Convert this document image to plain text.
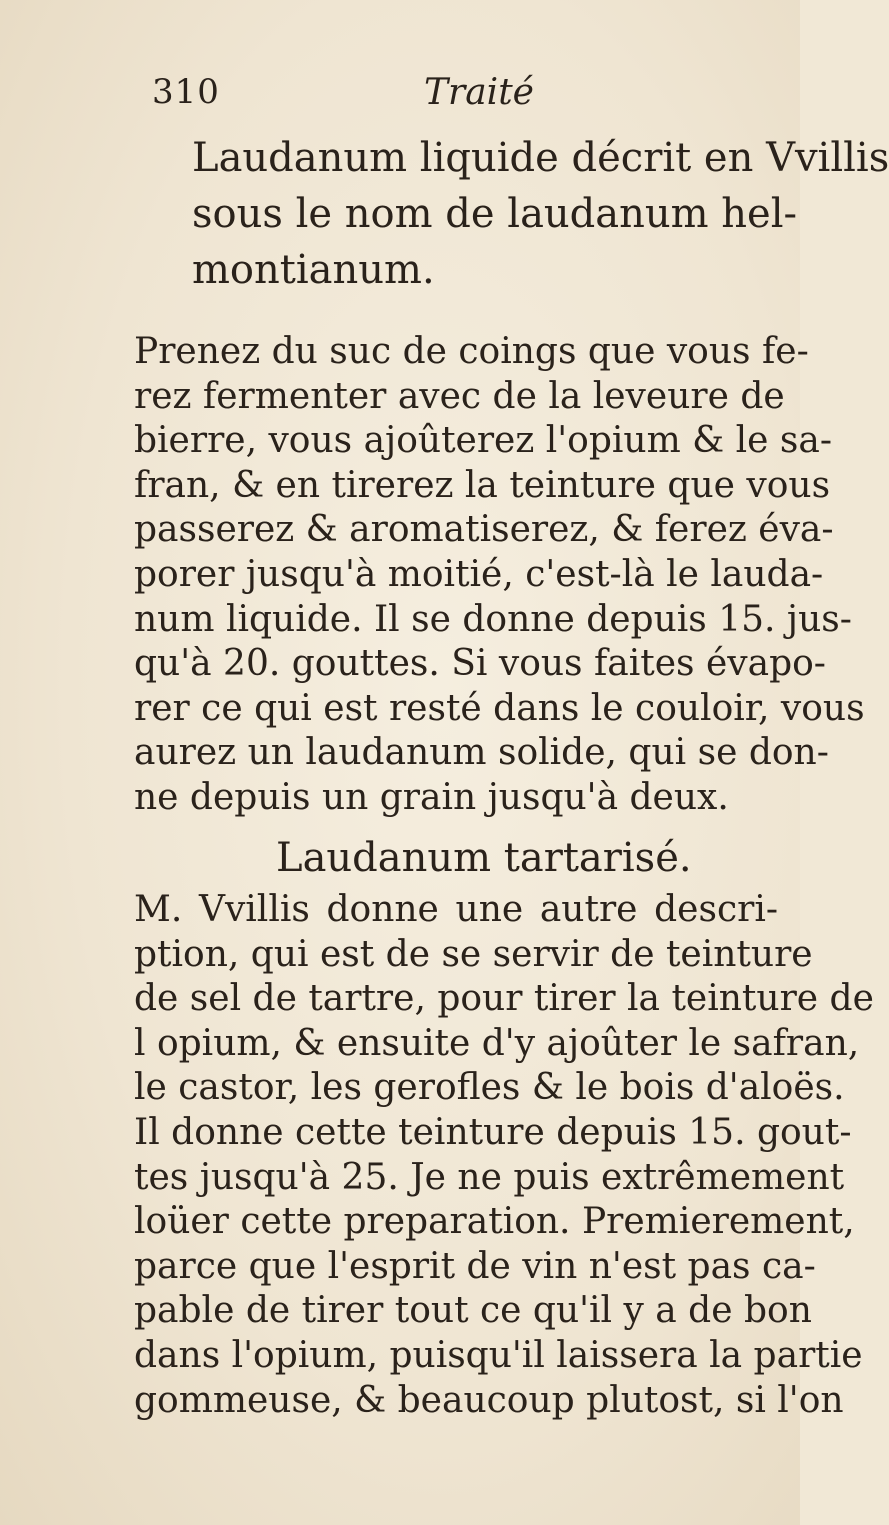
310	Traité
Laudanum liquide décrit en Vvillis
sous le nom de laudanum hel-
montianum.
Prenez du suc de coings que vous fe-
rez fermenter avec de la leveure de
bierre, vous ajoûterez l'opium & le sa-
fran, & en tirerez la teinture que vous
passerez & aromatiserez, & ferez éva-
porer jusqu'à moitié, c'est-là le lauda-
num liquide. Il se donne depuis 15. jus-
qu'à 20. gouttes. Si vous faites évapo-
rer ce qui est resté dans le couloir, vous
aurez un laudanum solide, qui se don-
ne depuis un grain jusqu'à deux.
Laudanum tartarisé.
M. Vvillis donne une autre descri-
ption, qui est de se servir de teinture
de sel de tartre, pour tirer la teinture de
l opium, & ensuite d'y ajoûter le safran,
le castor, les gerofles & le bois d'aloës.
Il donne cette teinture depuis 15. gout-
tes jusqu'à 25. Je ne puis extrêmement
loüer cette preparation. Premierement,
parce que l'esprit de vin n'est pas ca-
pable de tirer tout ce qu'il y a de bon
dans l'opium, puisqu'il laissera la partie
gommeuse, & beaucoup plutost, si l'on
